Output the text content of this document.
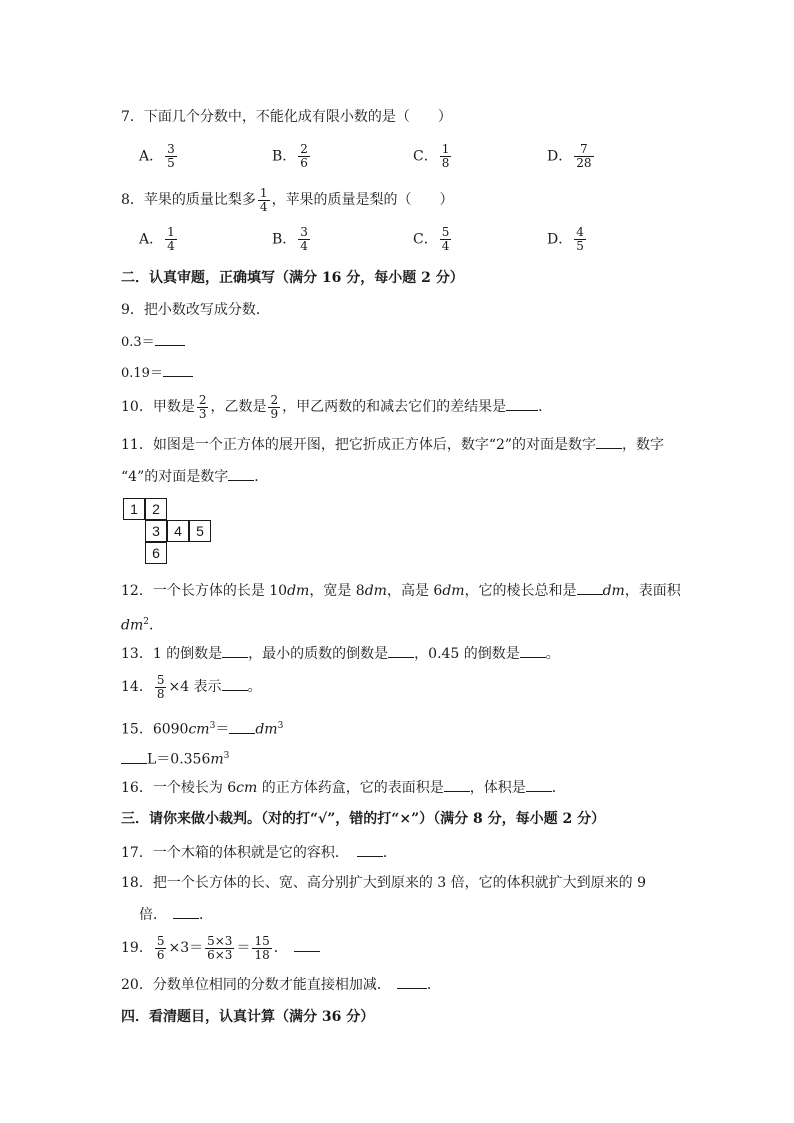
7．下面几个分数中，不能化成有限小数的是（　　）
A． $\frac{3}{5}$	B． $\frac{2}{6}$	C． $\frac{1}{8}$	D． $\frac{7}{28}$
8．苹果的质量比梨多 $\frac{1}{4}$ ，苹果的质量是梨的（　　）
A． $\frac{1}{4}$	B． $\frac{3}{4}$	C． $\frac{5}{4}$	D． $\frac{4}{5}$
二．认真审题，正确填写（满分 16 分，每小题 2 分）
9．把小数改写成分数．
0.3＝
0.19＝
10．甲数是 $\frac{2}{3}$ ，乙数是 $\frac{2}{9}$ ，甲乙两数的和减去它们的差结果是 ．
11．如图是一个正方体的展开图，把它折成正方体后，数字“2”的对面是数字 ，数字
“4”的对面是数字 ．
1	2
3	4	5
6
12．一个长方体的长是 10dm，宽是 8dm，高是 6dm，它的棱长总和是 dm，表面积
$dm^2$．
13．1 的倒数是 ，最小的质数的倒数是 ，0.45 的倒数是 。
14． $\frac{5}{8} \times 4$ 表示 。
15．$6090cm^3= dm^3$
$L=0.356m^3$
16．一个棱长为 6cm 的正方体药盒，它的表面积是 ，体积是 ．
三．请你来做小裁判。（对的打“√”，错的打“×”）（满分 8 分，每小题 2 分）
17．一个木箱的体积就是它的容积． ．
18．把一个长方体的长、宽、高分别扩大到原来的 3 倍，它的体积就扩大到原来的 9
倍． ．
19． $\frac{5}{6} \times 3= \frac{5\times 3}{6\times 3} = \frac{15}{18}$ ．
20．分数单位相同的分数才能直接相加减．	．
四．看清题目，认真计算（满分 36 分）
